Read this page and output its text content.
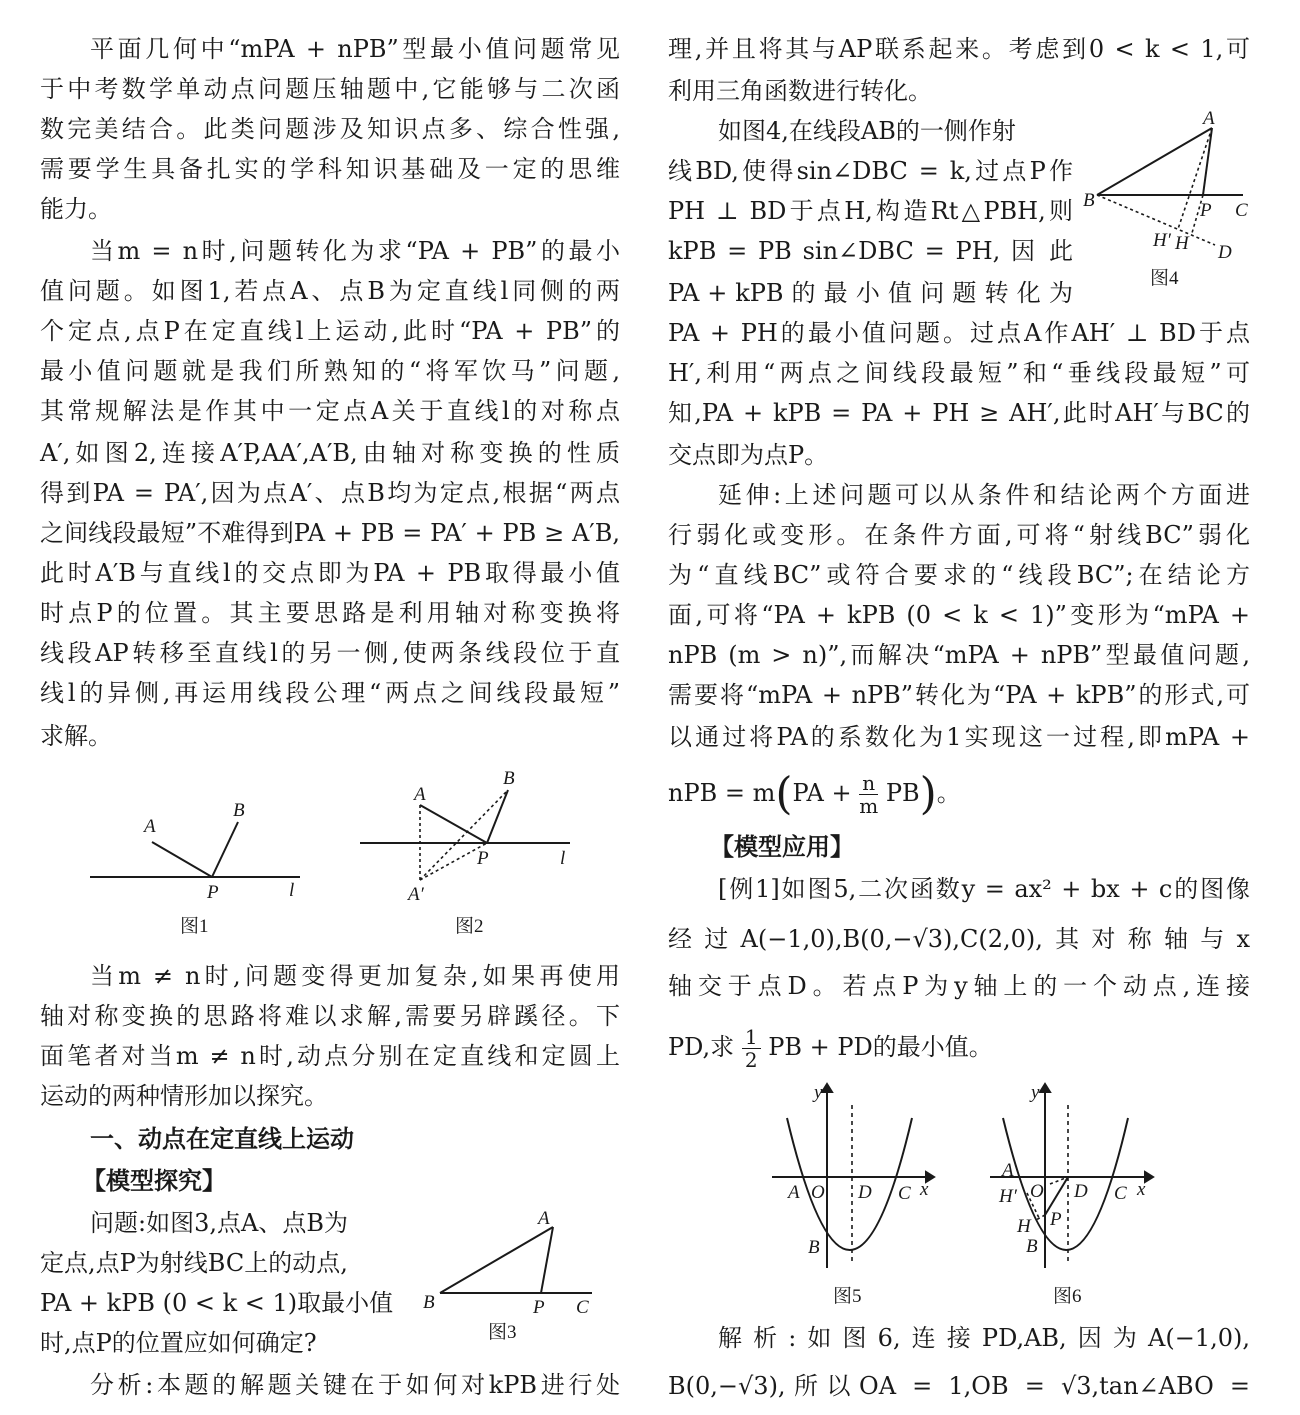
平面几何中“mPA + nPB”型最小值问题常见
于中考数学单动点问题压轴题中,它能够与二次函
数完美结合。此类问题涉及知识点多、综合性强,
需要学生具备扎实的学科知识基础及一定的思维
能力。
当m = n时,问题转化为求“PA + PB”的最小
值问题。如图1,若点A、点B为定直线l同侧的两
个定点,点P在定直线l上运动,此时“PA + PB”的
最小值问题就是我们所熟知的“将军饮马”问题,
其常规解法是作其中一定点A关于直线l的对称点
A′,如图2,连接A′P,AA′,A′B,由轴对称变换的性质
得到PA = PA′,因为点A′、点B均为定点,根据“两点
之间线段最短”不难得到PA + PB = PA′ + PB ≥ A′B,
此时A′B与直线l的交点即为PA + PB取得最小值
时点P的位置。其主要思路是利用轴对称变换将
线段AP转移至直线l的另一侧,使两条线段位于直
线l的异侧,再运用线段公理“两点之间线段最短”
求解。
当m ≠ n时,问题变得更加复杂,如果再使用
轴对称变换的思路将难以求解,需要另辟蹊径。下
面笔者对当m ≠ n时,动点分别在定直线和定圆上
运动的两种情形加以探究。
一、动点在定直线上运动
【模型探究】
问题:如图3,点A、点B为
定点,点P为射线BC上的动点,
PA + kPB (0 < k < 1)取最小值
时,点P的位置应如何确定?
分析:本题的解题关键在于如何对kPB进行处
理,并且将其与AP联系起来。考虑到0 < k < 1,可
利用三角函数进行转化。
如图4,在线段AB的一侧作射
线BD,使得sin∠DBC = k,过点P作
PH ⊥ BD于点H,构造Rt△PBH,则
kPB = PB sin∠DBC = PH, 因 此
PA + kPB 的 最 小 值 问 题 转 化 为
PA + PH的最小值问题。过点A作AH′ ⊥ BD于点
H′,利用“两点之间线段最短”和“垂线段最短”可
知,PA + kPB = PA + PH ≥ AH′,此时AH′与BC的
交点即为点P。
延伸:上述问题可以从条件和结论两个方面进
行弱化或变形。在条件方面,可将“射线BC”弱化
为“直线BC”或符合要求的“线段BC”;在结论方
面,可将“PA + kPB (0 < k < 1)”变形为“mPA +
nPB (m > n)”,而解决“mPA + nPB”型最值问题,
需要将“mPA + nPB”转化为“PA + kPB”的形式,可
以通过将PA的系数化为1实现这一过程,即mPA +
【模型应用】
[例1]如图5,二次函数y = ax² + bx + c的图像
经过A(−1,0),B(0,−√3),C(2,0),其对称轴与x
轴交于点D。若点P为y轴上的一个动点,连接
解析:如图6,连接PD,AB,因为A(−1,0),
B(0,−√3),所以OA = 1,OB = √3,tan∠ABO =
nPB = $m(PA + \frac{n}{m} PB)$。
PD,求 $\frac{1}{2}$ PB + PD的最小值。
A
B
P	l
图1
A
B
P	l
A′
图2
A
B	P C
图3
A
B	P C
H′ H D
图4
y
A O D C x
B
图5
y
A
O D C x
H′
P
H
B
图6
